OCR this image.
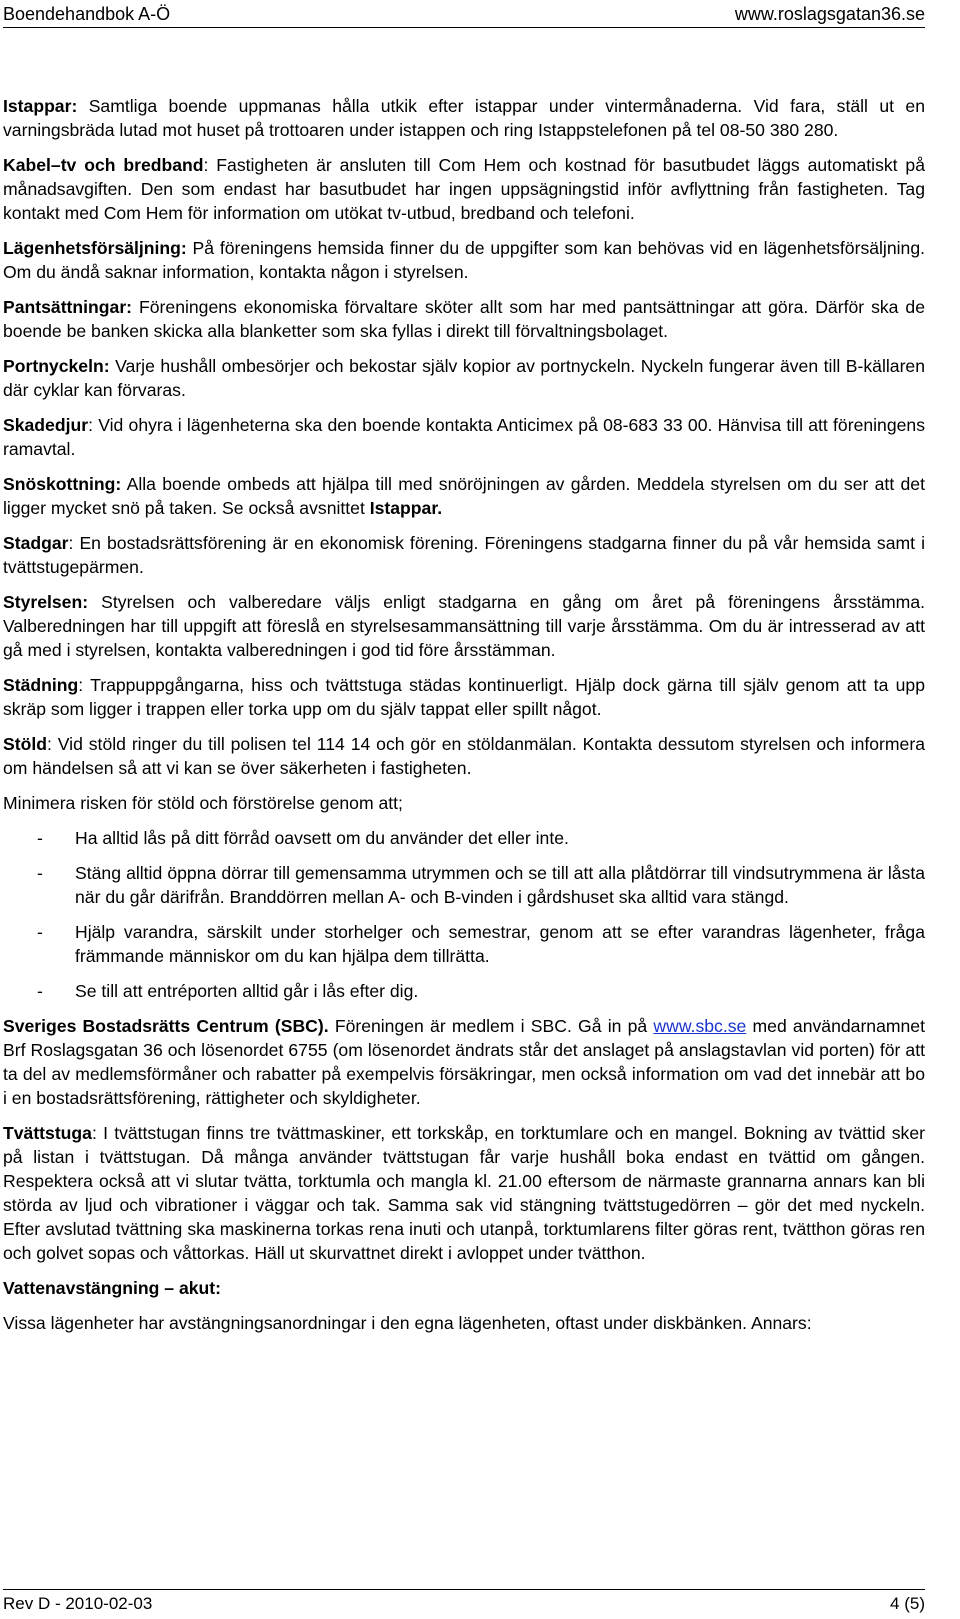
Boendehandbok A-Ö	www.roslagsgatan36.se

Istappar: Samtliga boende uppmanas hålla utkik efter istappar under vintermånaderna. Vid fara, ställ ut en varningsbräda lutad mot huset på trottoaren under istappen och ring Istappstelefonen på tel 08-50 380 280.

Kabel–tv och bredband: Fastigheten är ansluten till Com Hem och kostnad för basutbudet läggs automatiskt på månadsavgiften. Den som endast har basutbudet har ingen uppsägningstid inför avflyttning från fastigheten. Tag kontakt med Com Hem för information om utökat tv-utbud, bredband och telefoni.

Lägenhetsförsäljning: På föreningens hemsida finner du de uppgifter som kan behövas vid en lägenhetsförsäljning. Om du ändå saknar information, kontakta någon i styrelsen.

Pantsättningar: Föreningens ekonomiska förvaltare sköter allt som har med pantsättningar att göra. Därför ska de boende be banken skicka alla blanketter som ska fyllas i direkt till förvaltningsbolaget.

Portnyckeln: Varje hushåll ombesörjer och bekostar själv kopior av portnyckeln. Nyckeln fungerar även till B-källaren där cyklar kan förvaras.

Skadedjur: Vid ohyra i lägenheterna ska den boende kontakta Anticimex på 08-683 33 00. Hänvisa till att föreningens ramavtal.

Snöskottning: Alla boende ombeds att hjälpa till med snöröjningen av gården. Meddela styrelsen om du ser att det ligger mycket snö på taken. Se också avsnittet Istappar.

Stadgar: En bostadsrättsförening är en ekonomisk förening. Föreningens stadgarna finner du på vår hemsida samt i tvättstugepärmen.

Styrelsen: Styrelsen och valberedare väljs enligt stadgarna en gång om året på föreningens årsstämma. Valberedningen har till uppgift att föreslå en styrelsesammansättning till varje årsstämma. Om du är intresserad av att gå med i styrelsen, kontakta valberedningen i god tid före årsstämman.

Städning: Trappuppgångarna, hiss och tvättstuga städas kontinuerligt. Hjälp dock gärna till själv genom att ta upp skräp som ligger i trappen eller torka upp om du själv tappat eller spillt något.

Stöld: Vid stöld ringer du till polisen tel 114 14 och gör en stöldanmälan. Kontakta dessutom styrelsen och informera om händelsen så att vi kan se över säkerheten i fastigheten.

Minimera risken för stöld och förstörelse genom att;

-	Ha alltid lås på ditt förråd oavsett om du använder det eller inte.
-	Stäng alltid öppna dörrar till gemensamma utrymmen och se till att alla plåtdörrar till vindsutrymmena är låsta när du går därifrån. Branddörren mellan A- och B-vinden i gårdshuset ska alltid vara stängd.
-	Hjälp varandra, särskilt under storhelger och semestrar, genom att se efter varandras lägenheter, fråga främmande människor om du kan hjälpa dem tillrätta.
-	Se till att entréporten alltid går i lås efter dig.

Sveriges Bostadsrätts Centrum (SBC). Föreningen är medlem i SBC. Gå in på www.sbc.se med användarnamnet Brf Roslagsgatan 36 och lösenordet 6755 (om lösenordet ändrats står det anslaget på anslagstavlan vid porten) för att ta del av medlemsförmåner och rabatter på exempelvis försäkringar, men också information om vad det innebär att bo i en bostadsrättsförening, rättigheter och skyldigheter.

Tvättstuga: I tvättstugan finns tre tvättmaskiner, ett torkskåp, en torktumlare och en mangel. Bokning av tvättid sker på listan i tvättstugan. Då många använder tvättstugan får varje hushåll boka endast en tvättid om gången. Respektera också att vi slutar tvätta, torktumla och mangla kl. 21.00 eftersom de närmaste grannarna annars kan bli störda av ljud och vibrationer i väggar och tak. Samma sak vid stängning tvättstugedörren – gör det med nyckeln. Efter avslutad tvättning ska maskinerna torkas rena inuti och utanpå, torktumlarens filter göras rent, tvätthon göras ren och golvet sopas och våttorkas. Häll ut skurvattnet direkt i avloppet under tvätthon.

Vattenavstängning – akut:

Vissa lägenheter har avstängningsanordningar i den egna lägenheten, oftast under diskbänken. Annars:

Rev D - 2010-02-03	4 (5)
